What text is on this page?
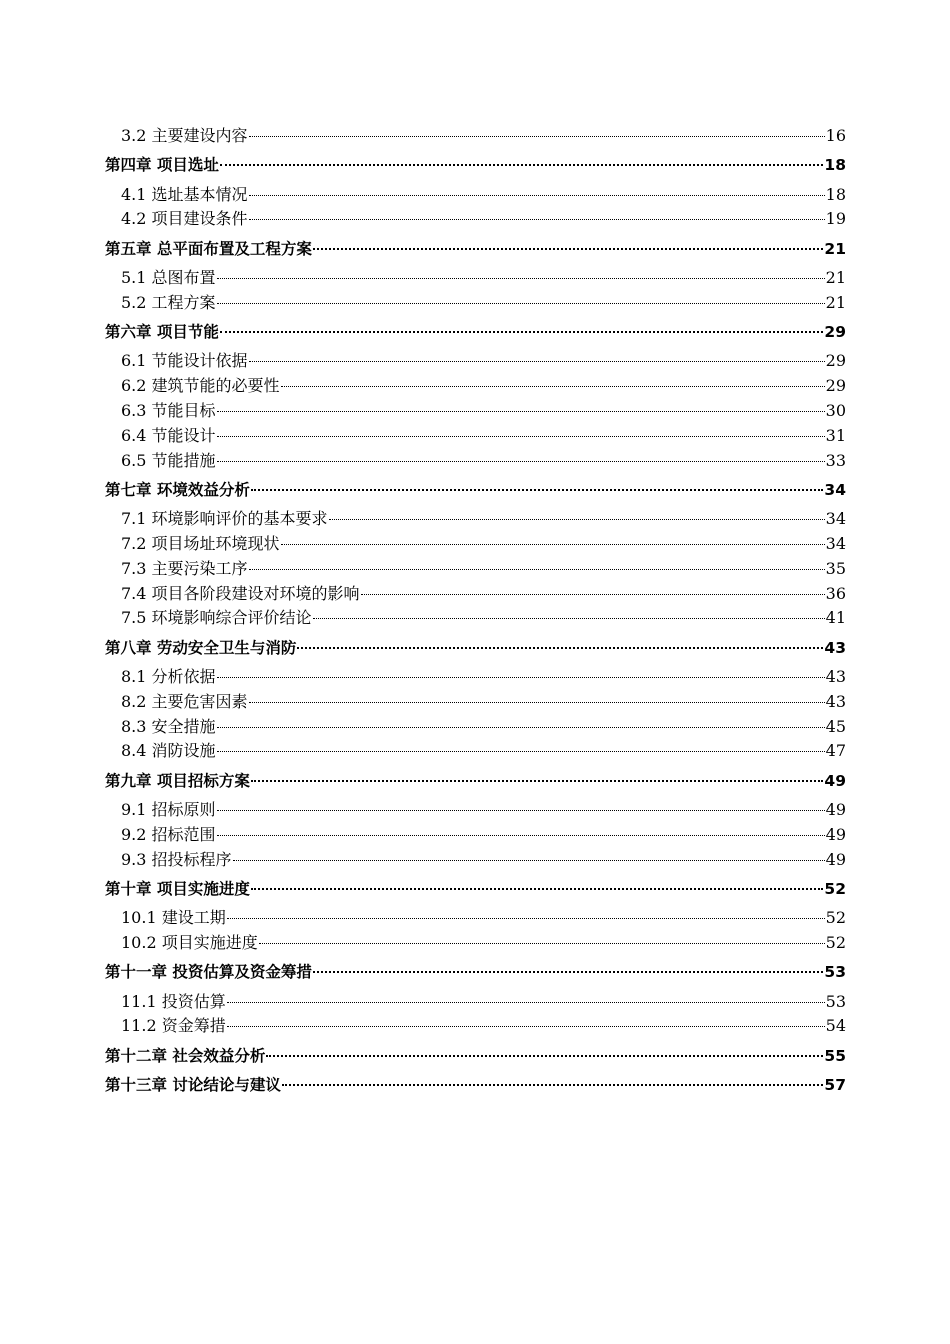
3.2 主要建设内容	16
第四章 项目选址	18
4.1 选址基本情况	18
4.2 项目建设条件	19
第五章 总平面布置及工程方案	21
5.1 总图布置	21
5.2 工程方案	21
第六章 项目节能	29
6.1 节能设计依据	29
6.2 建筑节能的必要性	29
6.3 节能目标	30
6.4 节能设计	31
6.5 节能措施	33
第七章 环境效益分析	34
7.1 环境影响评价的基本要求	34
7.2 项目场址环境现状	34
7.3 主要污染工序	35
7.4 项目各阶段建设对环境的影响	36
7.5 环境影响综合评价结论	41
第八章 劳动安全卫生与消防	43
8.1 分析依据	43
8.2 主要危害因素	43
8.3 安全措施	45
8.4 消防设施	47
第九章 项目招标方案	49
9.1 招标原则	49
9.2 招标范围	49
9.3 招投标程序	49
第十章 项目实施进度	52
10.1 建设工期	52
10.2 项目实施进度	52
第十一章 投资估算及资金筹措	53
11.1 投资估算	53
11.2 资金筹措	54
第十二章 社会效益分析	55
第十三章 讨论结论与建议	57
